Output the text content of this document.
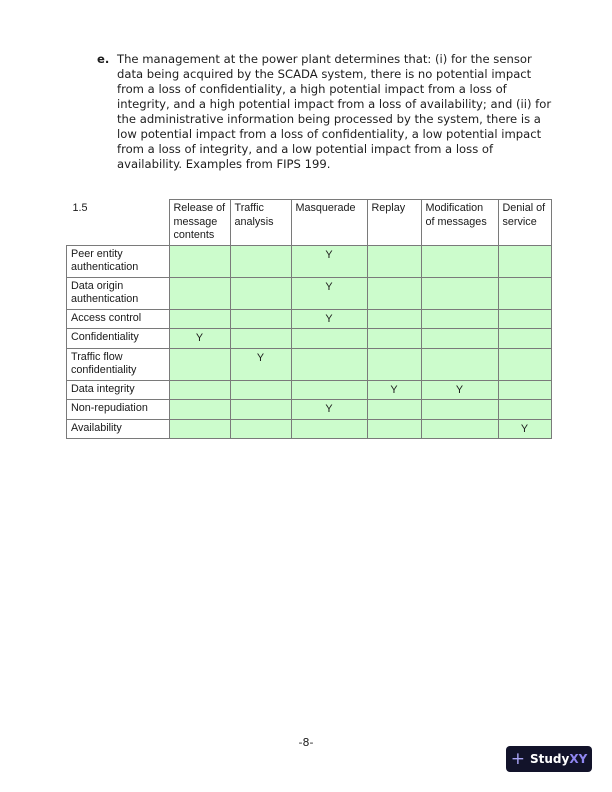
e. The management at the power plant determines that: (i) for the sensor data being acquired by the SCADA system, there is no potential impact from a loss of confidentiality, a high potential impact from a loss of integrity, and a high potential impact from a loss of availability; and (ii) for the administrative information being processed by the system, there is a low potential impact from a loss of confidentiality, a low potential impact from a loss of integrity, and a low potential impact from a loss of availability. Examples from FIPS 199.
1.5	Release of message contents	Traffic analysis	Masquerade	Replay	Modification of messages	Denial of service
Peer entity authentication			Y			
Data origin authentication			Y			
Access control			Y			
Confidentiality	Y					
Traffic flow confidentiality		Y				
Data integrity				Y	Y	
Non-repudiation			Y			
Availability						Y
-8-
+ Study XY
